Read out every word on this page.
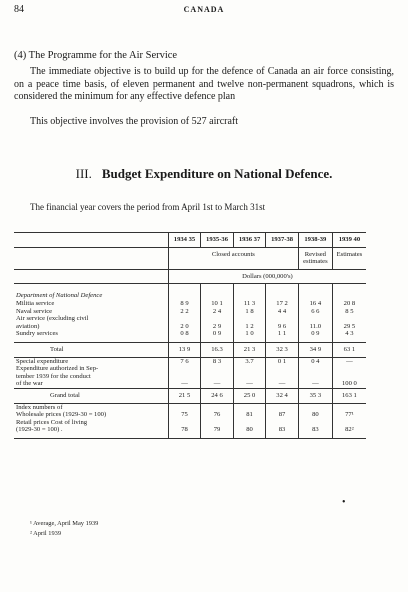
84	CANADA
(4) The Programme for the Air Service
The immediate objective is to build up for the defence of Canada an air force consisting, on a peace time basis, of eleven permanent and twelve non-permanent squadrons, which is considered the minimum for any effective defence plan
This objective involves the provision of 527 aircraft
III. Budget Expenditure on National Defence.
The financial year covers the period from April 1st to March 31st
	1934 35	1935-36	1936 37	1937-38	1938-39	1939 40
	Closed accounts				Revised estimates	Estimates
	Dollars (000,000's)					
Department of National Defence						
Militia service	8 9	10 1	11 3	17 2	16 4	20 8
Naval service	2 2	2 4	1 8	4 4	6 6	8 5
Air service (excluding civil						
aviation)	2 0	2 9	1 2	9 6	11.0	29 5
Sundry services	0 8	0 9	1 0	1 1	0 9	4 3

Total	13 9	16.3	21 3	32 3	34 9	63 1
Special expenditure	7 6	8 3	3.7	0 1	0 4	—
Expenditure authorized in Sep-						
tember 1939 for the conduct						
of the war	—	—	—	—	—	100 0
Grand total	21 5	24 6	25 0	32 4	35 3	163 1
Index numbers of						
Wholesale prices (1929-30 = 100)	75	76	81	87	80	77¹
Retail prices Cost of living						
(1929-30 = 100) .	78	79	80	83	83	82²
•
¹ Average, April May 1939
² April 1939
